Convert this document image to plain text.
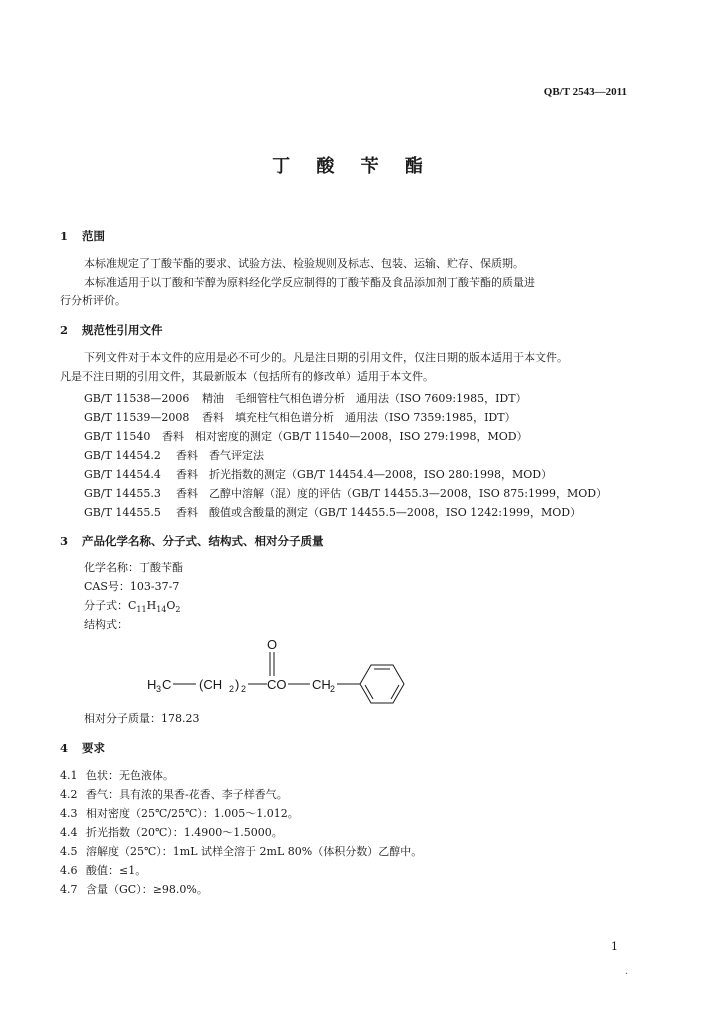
QB/T 2543—2011
丁 酸 苄 酯
1 范围
本标准规定了丁酸苄酯的要求、试验方法、检验规则及标志、包装、运输、贮存、保质期。
本标准适用于以丁酸和苄醇为原料经化学反应制得的丁酸苄酯及食品添加剂丁酸苄酯的质量进
行分析评价。
2 规范性引用文件
下列文件对于本文件的应用是必不可少的。凡是注日期的引用文件，仅注日期的版本适用于本文件。
凡是不注日期的引用文件，其最新版本（包括所有的修改单）适用于本文件。
GB/T 11538—2006 精油　毛细管柱气相色谱分析　通用法（ISO 7609:1985，IDT）
GB/T 11539—2008 香料　填充柱气相色谱分析　通用法（ISO 7359:1985，IDT）
GB/T 11540 香料　相对密度的测定（GB/T 11540—2008，ISO 279:1998，MOD）
GB/T 14454.2 香料　香气评定法
GB/T 14454.4 香料　折光指数的测定（GB/T 14454.4—2008，ISO 280:1998，MOD）
GB/T 14455.3 香料　乙醇中溶解（混）度的评估（GB/T 14455.3—2008，ISO 875:1999，MOD）
GB/T 14455.5 香料　酸值或含酸量的测定（GB/T 14455.5—2008，ISO 1242:1999，MOD）
3 产品化学名称、分子式、结构式、相对分子质量
化学名称：丁酸苄酯
CAS号：103-37-7
分子式：$C_{11}H_{14}O_2$
结构式：
H 3 C (CH 2 ) 2 CO
O
CH 2
相对分子质量：178.23
4 要求
4.1 色状：无色液体。
4.2 香气：具有浓的果香-花香、李子样香气。
4.3 相对密度（25℃/25℃）：1.005～1.012。
4.4 折光指数（20℃）：1.4900～1.5000。
4.5 溶解度（25℃）：1mL 试样全溶于 2mL 80%（体积分数）乙醇中。
4.6 酸值：≤1。
4.7 含量（GC）：≥98.0%。
1
.
